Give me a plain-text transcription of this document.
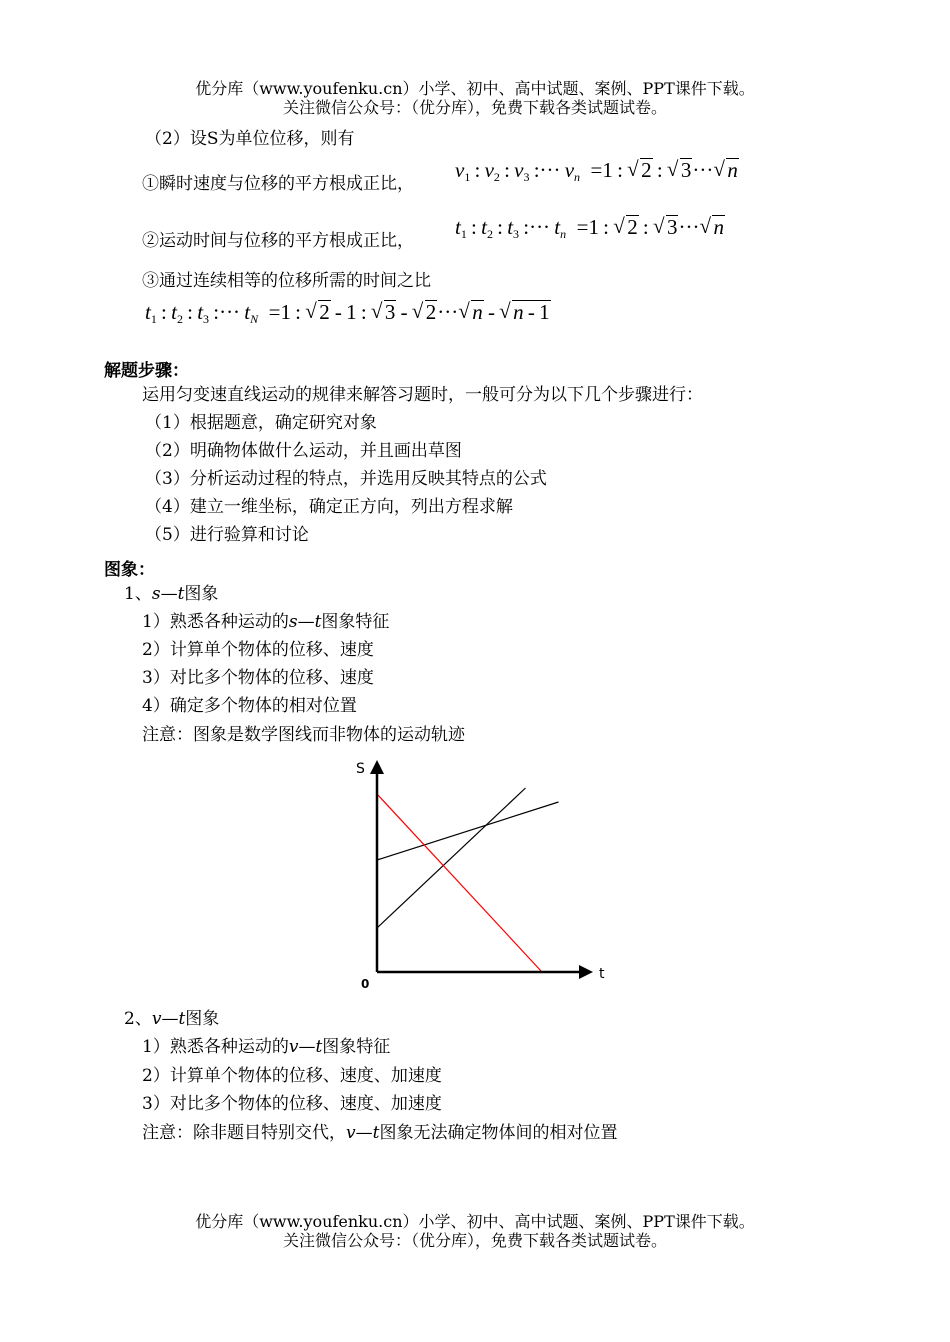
优分库（www.youfenku.cn）小学、初中、高中试题、案例、PPT课件下载。
关注微信公众号：（优分库），免费下载各类试题试卷。
（2）设S为单位位移，则有
①瞬时速度与位移的平方根成正比，
$v_1$ : $v_2$ : $v_3$ :··· $v_n$ =1 : √ 2 : √ 3··· √ n
②运动时间与位移的平方根成正比，
$t_1$ : $t_2$ : $t_3$ :··· $t_n$ =1 : √ 2 : √ 3··· √ n
③通过连续相等的位移所需的时间之比
$t_1$ : $t_2$ : $t_3$ :··· $t_N$ =1 : √ 2 - 1 : √ 3 - √ 2··· √ n - √ n - 1
解题步骤：
运用匀变速直线运动的规律来解答习题时，一般可分为以下几个步骤进行：
（1）根据题意，确定研究对象
（2）明确物体做什么运动，并且画出草图
（3）分析运动过程的特点，并选用反映其特点的公式
（4）建立一维坐标，确定正方向，列出方程求解
（5）进行验算和讨论
图象：
1、s—t图象
1）熟悉各种运动的s—t图象特征
2）计算单个物体的位移、速度
3）对比多个物体的位移、速度
4）确定多个物体的相对位置
注意：图象是数学图线而非物体的运动轨迹
S
t
0
2、v—t图象
1）熟悉各种运动的v—t图象特征
2）计算单个物体的位移、速度、加速度
3）对比多个物体的位移、速度、加速度
注意：除非题目特别交代，v—t图象无法确定物体间的相对位置
优分库（www.youfenku.cn）小学、初中、高中试题、案例、PPT课件下载。
关注微信公众号：（优分库），免费下载各类试题试卷。
